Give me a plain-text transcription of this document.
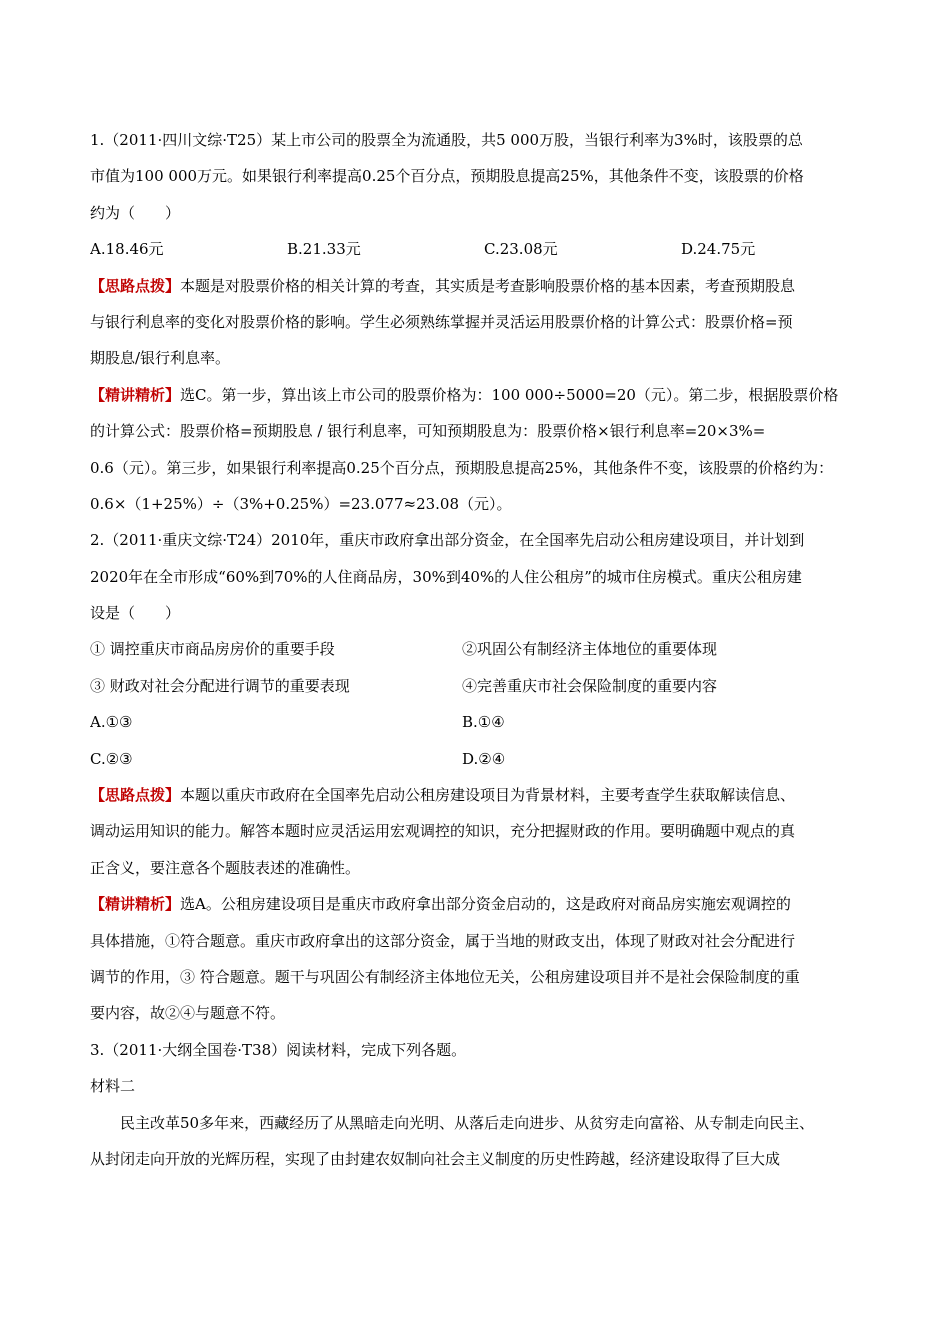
1.（2011·四川文综·T25）某上市公司的股票全为流通股，共5 000万股，当银行利率为3%时，该股票的总
市值为100 000万元。如果银行利率提高0.25个百分点，预期股息提高25%，其他条件不变，该股票的价格
约为（　　）
A.18.46元	B.21.33元	C.23.08元	D.24.75元
【思路点拨】本题是对股票价格的相关计算的考查，其实质是考查影响股票价格的基本因素，考查预期股息
与银行利息率的变化对股票价格的影响。学生必须熟练掌握并灵活运用股票价格的计算公式：股票价格=预
期股息/银行利息率。
【精讲精析】选C。第一步，算出该上市公司的股票价格为：100 000÷5000=20（元）。第二步，根据股票价格
的计算公式：股票价格=预期股息 / 银行利息率，可知预期股息为：股票价格×银行利息率=20×3%=
0.6（元）。第三步，如果银行利率提高0.25个百分点，预期股息提高25%，其他条件不变，该股票的价格约为：
0.6×（1+25%）÷（3%+0.25%）=23.077≈23.08（元）。
2.（2011·重庆文综·T24）2010年，重庆市政府拿出部分资金，在全国率先启动公租房建设项目，并计划到
2020年在全市形成“60%到70%的人住商品房，30%到40%的人住公租房”的城市住房模式。重庆公租房建
设是（　　）
① 调控重庆市商品房房价的重要手段	②巩固公有制经济主体地位的重要体现
③ 财政对社会分配进行调节的重要表现	④完善重庆市社会保险制度的重要内容
A.①③	B.①④
C.②③	D.②④
【思路点拨】本题以重庆市政府在全国率先启动公租房建设项目为背景材料，主要考查学生获取解读信息、
调动运用知识的能力。解答本题时应灵活运用宏观调控的知识，充分把握财政的作用。要明确题中观点的真
正含义，要注意各个题肢表述的准确性。
【精讲精析】选A。公租房建设项目是重庆市政府拿出部分资金启动的，这是政府对商品房实施宏观调控的
具体措施，①符合题意。重庆市政府拿出的这部分资金，属于当地的财政支出，体现了财政对社会分配进行
调节的作用，③ 符合题意。题干与巩固公有制经济主体地位无关，公租房建设项目并不是社会保险制度的重
要内容，故②④与题意不符。
3.（2011·大纲全国卷·T38）阅读材料，完成下列各题。
材料二
民主改革50多年来，西藏经历了从黑暗走向光明、从落后走向进步、从贫穷走向富裕、从专制走向民主、
从封闭走向开放的光辉历程，实现了由封建农奴制向社会主义制度的历史性跨越，经济建设取得了巨大成
